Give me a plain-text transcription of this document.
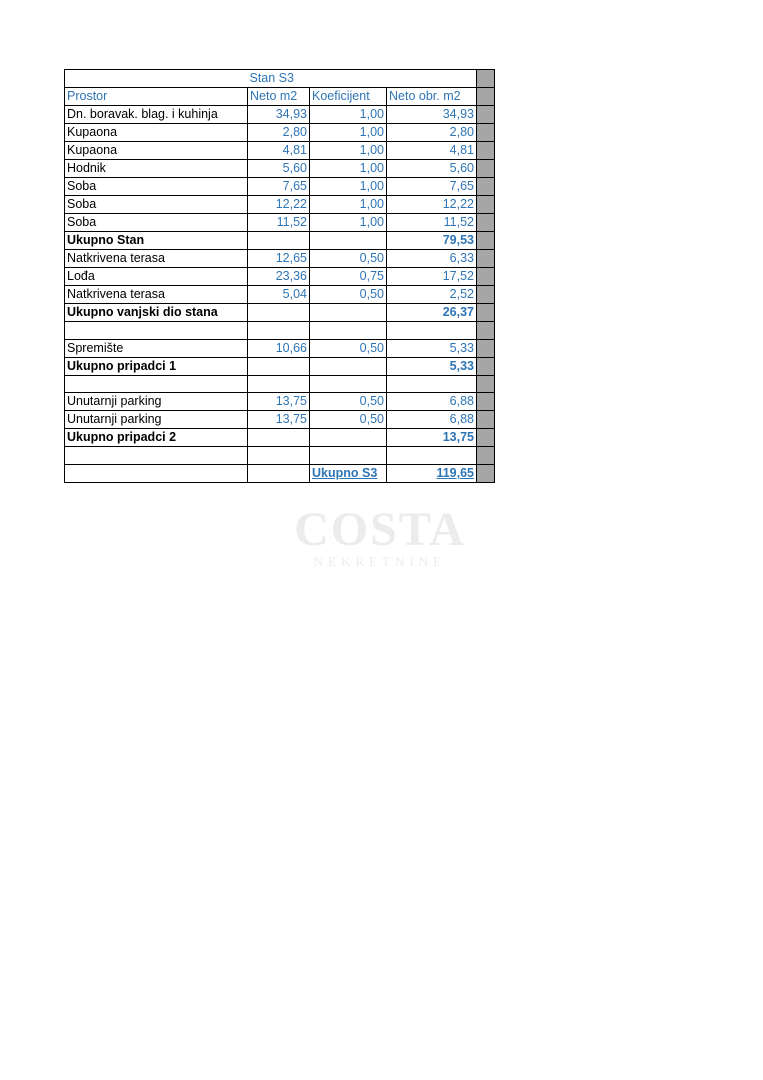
	Stan S3			
Prostor	Neto m2	Koeficijent	Neto obr. m2	
Dn. boravak. blag. i kuhinja	34,93	1,00	34,93	
Kupaona	2,80	1,00	2,80	
Kupaona	4,81	1,00	4,81	
Hodnik	5,60	1,00	5,60	
Soba	7,65	1,00	7,65	
Soba	12,22	1,00	12,22	
Soba	11,52	1,00	11,52	
Ukupno Stan			79,53	
Natkrivena terasa	12,65	0,50	6,33	
Lođa	23,36	0,75	17,52	
Natkrivena terasa	5,04	0,50	2,52	
Ukupno vanjski dio stana			26,37	

Spremište	10,66	0,50	5,33	
Ukupno pripadci 1			5,33	

Unutarnji parking	13,75	0,50	6,88	
Unutarnji parking	13,75	0,50	6,88	
Ukupno pripadci 2			13,75	

		Ukupno S3	119,65	
COSTA
NEKRETNINE
